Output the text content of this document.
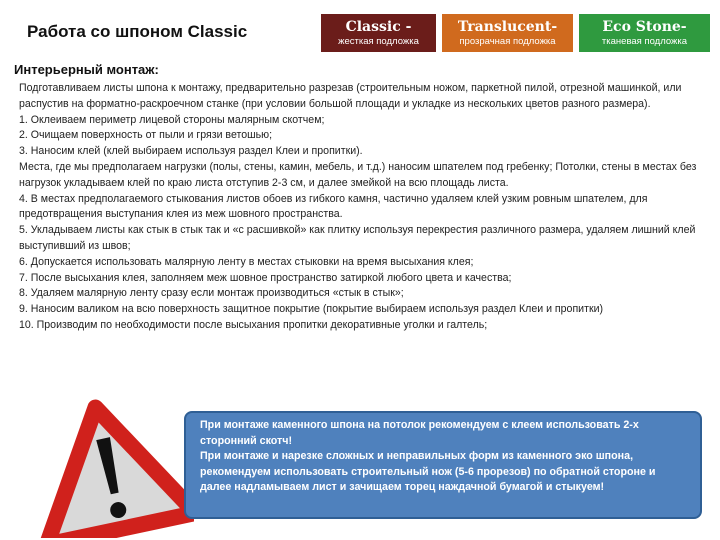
Работа со шпоном Classic	Classic -
жесткая подложка
Translucent-
прозрачная подложка
Eco Stone-
тканевая подложка
Интерьерный монтаж:

Подготавливаем листы шпона к монтажу, предварительно разрезав (строительным ножом, паркетной пилой, отрезной машинкой, или распустив на форматно-раскроечном станке (при условии большой площади и укладке из нескольких цветов разного размера).

1. Оклеиваем периметр лицевой стороны малярным скотчем;

2. Очищаем поверхность от пыли и грязи ветошью;

3. Наносим клей (клей выбираем используя раздел Клеи и пропитки).

Места, где мы предполагаем нагрузки (полы, стены, камин, мебель, и т.д.) наносим шпателем под гребенку; Потолки, стены в местах без нагрузок укладываем клей по краю листа отступив 2-3 см, и далее змейкой на всю площадь листа.

4. В местах предполагаемого стыкования листов обоев из гибкого камня, частично удаляем клей узким ровным шпателем, для предотвращения выступания клея из меж шовного пространства.

5. Укладываем листы как стык в стык так и «с расшивкой» как плитку используя перекрестия различного размера, удаляем лишний клей выступивший из швов;

6. Допускается использовать малярную ленту в местах стыковки на время высыхания клея;

7. После высыхания клея, заполняем меж шовное пространство затиркой любого цвета и качества;

8. Удаляем малярную ленту сразу если монтаж производиться «стык в стык»;

9. Наносим валиком на всю поверхность защитное покрытие (покрытие выбираем используя раздел Клеи и пропитки)

10. Производим по необходимости после высыхания пропитки декоративные уголки и галтель;

При монтаже каменного шпона на потолок рекомендуем с клеем использовать 2-х сторонний скотч!

При монтаже и нарезке сложных и неправильных форм из каменного эко шпона, рекомендуем использовать строительный нож (5-6 прорезов) по обратной стороне и далее надламываем лист и зачищаем торец наждачной бумагой и стыкуем!
